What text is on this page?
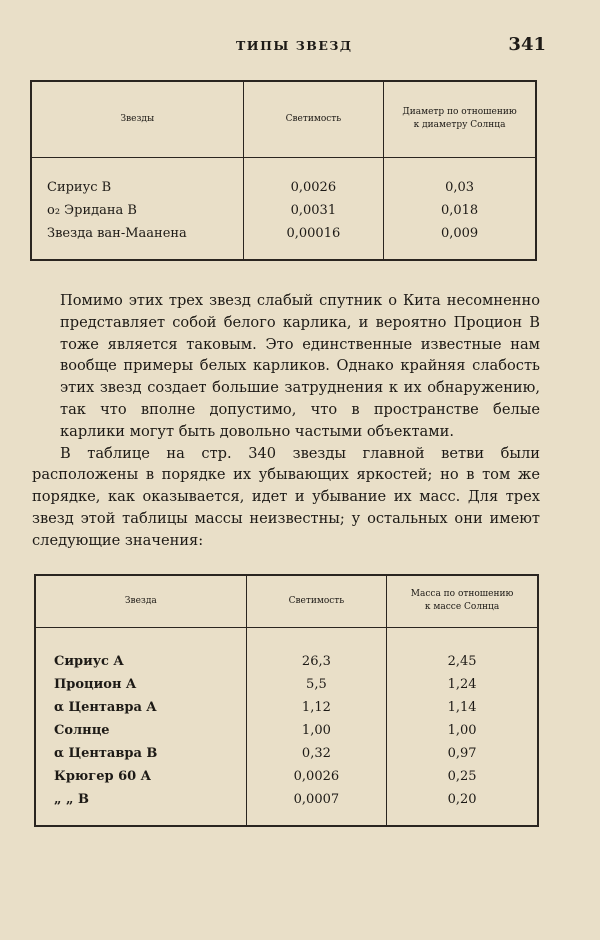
ТИПЫ ЗВЕЗД	341
Звезды	Светимость	Диаметр по отношению
к диаметру Солнца

Сириус B	0,0026	0,03
o₂ Эридана B	0,0031	0,018
Звезда ван-Маанена	0,00016	0,009

Помимо этих трех звезд слабый спутник o Кита несомненно представляет собой белого карлика, и вероятно Процион B тоже является таковым. Это единственные известные нам вообще примеры белых карликов. Однако крайняя слабость этих звезд создает большие затруднения к их обнаружению, так что вполне допустимо, что в пространстве белые карлики могут быть довольно частыми объектами.

В таблице на стр. 340 звезды главной ветви были расположены в порядке их убывающих яркостей; но в том же порядке, как оказывается, идет и убывание их масс. Для трех звезд этой таблицы массы неизвестны; у остальных они имеют следующие значения:

Звезда	Светимость	Масса по отношению
к массе Солнца

Сириус A	26,3	2,45
Процион A	5,5	1,24
α Центавра A	1,12	1,14
Солнце	1,00	1,00
α Центавра B	0,32	0,97
Крюгер 60 A	0,0026	0,25
„ „ B	0,0007	0,20
